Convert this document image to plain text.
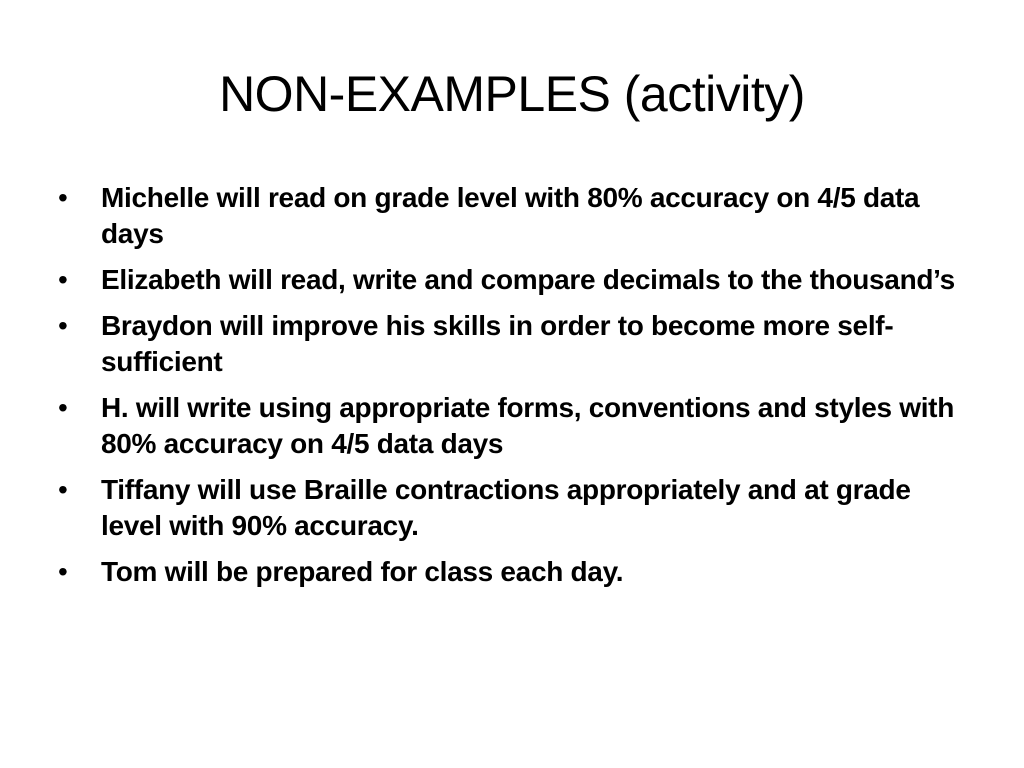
NON-EXAMPLES (activity)
• Michelle will read on grade level with 80% accuracy on 4/5 data days
• Elizabeth will read, write and compare decimals to the thousand’s
• Braydon will improve his skills in order to become more self-sufficient
• H. will write using appropriate forms, conventions and styles with 80% accuracy on 4/5 data days
• Tiffany will use Braille contractions appropriately and at grade level with 90% accuracy.
• Tom will be prepared for class each day.
